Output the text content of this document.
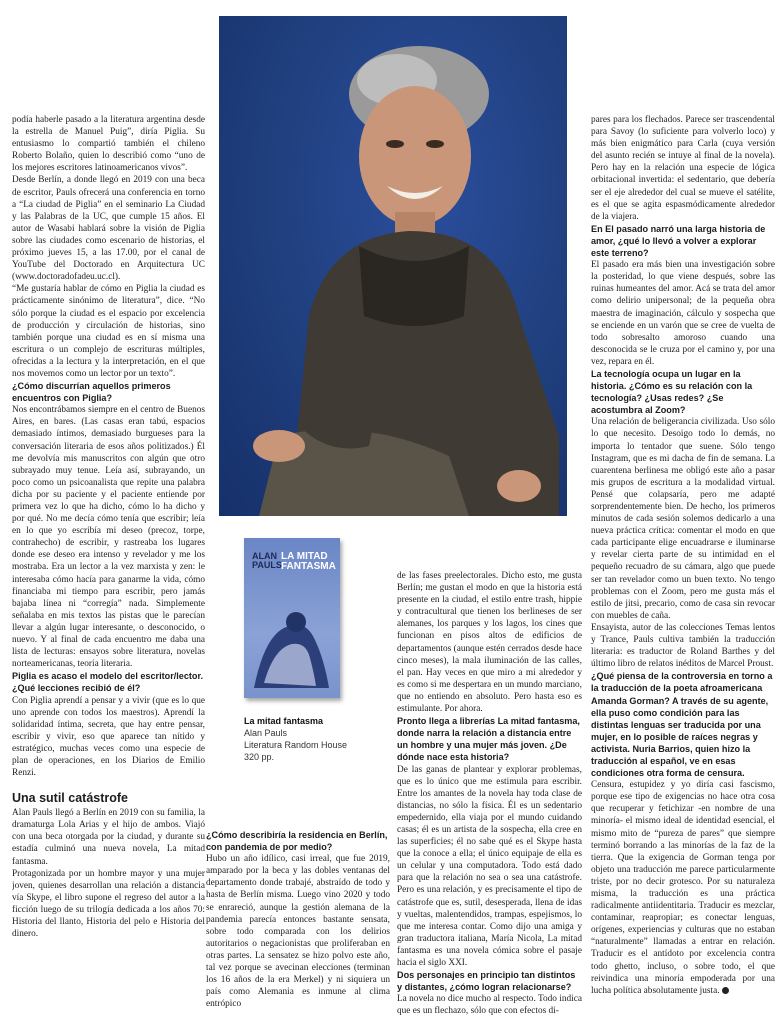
podía haberle pasado a la literatura argentina desde la estrella de Manuel Puig”, diría Piglia. Su entusiasmo lo compartió también el chileno Roberto Bolaño, quien lo describió como “uno de los mejores escritores latinoamericanos vivos”.

Desde Berlín, a donde llegó en 2019 con una beca de escritor, Pauls ofrecerá una conferencia en torno a “La ciudad de Piglia” en el seminario La Ciudad y las Palabras de la UC, que cumple 15 años. El autor de Wasabi hablará sobre la visión de Piglia sobre las ciudades como escenario de historias, el próximo jueves 15, a las 17.00, por el canal de YouTube del Doctorado en Arquitectura UC (www.doctoradofadeu.uc.cl).

“Me gustaría hablar de cómo en Piglia la ciudad es prácticamente sinónimo de literatura”, dice. “No sólo porque la ciudad es el espacio por excelencia de producción y circulación de historias, sino también porque una ciudad es en sí misma una escritura o un complejo de escrituras múltiples, ofrecidas a la lectura y la interpretación, en el que nos movemos como un lector por un texto”.

¿Cómo discurrían aquellos primeros encuentros con Piglia?

Nos encontrábamos siempre en el centro de Buenos Aires, en bares. (Las casas eran tabú, espacios demasiado íntimos, demasiado burgueses para la conversación literaria de esos años politizados.) Él me devolvía mis manuscritos con algún que otro subrayado muy tenue. Leía así, subrayando, un poco como un psicoanalista que repite una palabra dicha por su paciente y el paciente entiende por primera vez lo que ha dicho, cómo lo ha dicho y por qué. No me decía cómo tenía que escribir; leía en lo que yo escribía mi deseo (precoz, torpe, contrahecho) de escribir, y rastreaba los lugares donde ese deseo era intenso y revelador y me los mostraba. Era un lector a la vez marxista y zen: le interesaba cómo hacía para ganarme la vida, cómo financiaba mi tiempo para escribir, pero jamás bajaba línea ni “corregía” nada. Simplemente señalaba en mis textos las pistas que le parecían llevar a algún lugar interesante, o desconocido, o nuevo. Y al final de cada encuentro me daba una lista de lecturas: ensayos sobre literatura, novelas norteamericanas, teoría literaria.

Piglia es acaso el modelo del escritor/lector. ¿Qué lecciones recibió de él?

Con Piglia aprendí a pensar y a vivir (que es lo que uno aprende con todos los maestros). Aprendí la solidaridad íntima, secreta, que hay entre pensar, escribir y vivir, eso que aparece tan nítido y estratégico, muchas veces como una especie de plan de operaciones, en los Diarios de Emilio Renzi.

Una sutil catástrofe

Alan Pauls llegó a Berlín en 2019 con su familia, la dramaturga Lola Arias y el hijo de ambos. Viajó con una beca otorgada por la ciudad, y durante su estadía culminó una nueva novela, La mitad fantasma.

Protagonizada por un hombre mayor y una mujer joven, quienes desarrollan una relación a distancia vía Skype, el libro supone el regreso del autor a la ficción luego de su trilogía dedicada a los años 70: Historia del llanto, Historia del pelo e Historia del dinero.

ALAN PAULS
LA MITAD FANTASMA
La mitad fantasma
Alan Pauls
Literatura Random House
320 pp.

¿Cómo describiría la residencia en Berlín, con pandemia de por medio?

Hubo un año idílico, casi irreal, que fue 2019, amparado por la beca y las dobles ventanas del departamento donde trabajé, abstraído de todo y hasta de Berlín misma. Luego vino 2020 y todo se enrareció, aunque la gestión alemana de la pandemia parecía entonces bastante sensata, sobre todo comparada con los delirios autoritarios o negacionistas que proliferaban en otras partes. La sensatez se hizo polvo este año, tal vez porque se avecinan elecciones (terminan los 16 años de la era Merkel) y ni siquiera un país como Alemania es inmune al clima entrópico

de las fases preelectorales. Dicho esto, me gusta Berlín; me gustan el modo en que la historia está presente en la ciudad, el estilo entre trash, hippie y contracultural que tienen los berlineses de ser alemanes, los parques y los lagos, los cines que funcionan en pisos altos de edificios de departamentos (aunque estén cerrados desde hace cinco meses), la mala iluminación de las calles, el pan. Hay veces en que miro a mi alrededor y es como si me despertara en un mundo marciano, que no entiendo en absoluto. Pero hasta eso es estimulante. Por ahora.

Pronto llega a librerías La mitad fantasma, donde narra la relación a distancia entre un hombre y una mujer más joven. ¿De dónde nace esta historia?

De las ganas de plantear y explorar problemas, que es lo único que me estimula para escribir. Entre los amantes de la novela hay toda clase de distancias, no sólo la física. Él es un sedentario empedernido, ella viaja por el mundo cuidando casas; él es un artista de la sospecha, ella cree en las superficies; él no sabe qué es el Skype hasta que la conoce a ella; el único equipaje de ella es un celular y una computadora. Todo está dado para que la relación no sea o sea una catástrofe. Pero es una relación, y es precisamente el tipo de catástrofe que es, sutil, desesperada, llena de idas y vueltas, malentendidos, trampas, espejismos, lo que me interesa contar. Como dijo una amiga y gran traductora italiana, María Nicola, La mitad fantasma es una novela cómica sobre el pasaje hacia el siglo XXI.

Dos personajes en principio tan distintos y distantes, ¿cómo logran relacionarse?

La novela no dice mucho al respecto. Todo indica que es un flechazo, sólo que con efectos di-

pares para los flechados. Parece ser trascendental para Savoy (lo suficiente para volverlo loco) y más bien enigmático para Carla (cuya versión del asunto recién se intuye al final de la novela). Pero hay en la relación una especie de lógica orbitacional invertida: el sedentario, que debería ser el eje alrededor del cual se mueve el satélite, es el que se agita espasmódicamente alrededor de la viajera.

En El pasado narró una larga historia de amor, ¿qué lo llevó a volver a explorar este terreno?

El pasado era más bien una investigación sobre la posteridad, lo que viene después, sobre las ruinas humeantes del amor. Acá se trata del amor como delirio unipersonal; de la pequeña obra maestra de imaginación, cálculo y sospecha que se enciende en un varón que se cree de vuelta de todo sobresalto amoroso cuando una desconocida se le cruza por el camino y, por una vez, repara en él.

La tecnología ocupa un lugar en la historia. ¿Cómo es su relación con la tecnología? ¿Usas redes? ¿Se acostumbra al Zoom?

Una relación de beligerancia civilizada. Uso sólo lo que necesito. Desoigo todo lo demás, no importa lo tentador que suene. Sólo tengo Instagram, que es mi dacha de fin de semana. La cuarentena berlinesa me obligó este año a pasar mis grupos de escritura a la modalidad virtual. Pensé que colapsaría, pero me adapté sorprendentemente bien. De hecho, los primeros minutos de cada sesión solemos dedicarlo a una nueva práctica crítica: comentar el modo en que cada participante elige encuadrarse e iluminarse y revelar cierta parte de su intimidad en el pequeño recuadro de su cámara, algo que puede ser tan revelador como un buen texto. No tengo problemas con el Zoom, pero me gusta más el estilo de jitsi, precario, como de casa sin revocar con muebles de caña.

Ensayista, autor de las colecciones Temas lentos y Trance, Pauls cultiva también la traducción literaria: es traductor de Roland Barthes y del último libro de relatos inéditos de Marcel Proust.

¿Qué piensa de la controversia en torno a la traducción de la poeta afroamericana Amanda Gorman? A través de su agente, ella puso como condición para las distintas lenguas ser traducida por una mujer, en lo posible de raíces negras y activista. Nuria Barrios, quien hizo la traducción al español, ve en esas condiciones otra forma de censura.

Censura, estupidez y yo diría casi fascismo, porque ese tipo de exigencias no hace otra cosa que recuperar y fetichizar -en nombre de una minoría- el mismo ideal de identidad esencial, el mismo mito de “pureza de pares” que siempre terminó borrando a las minorías de la faz de la tierra. Que la exigencia de Gorman tenga por objeto una traducción me parece particularmente triste, por no decir grotesco. Por su naturaleza misma, la traducción es una práctica radicalmente antiidentitaria. Traducir es mezclar, contaminar, reapropiar; es conectar lenguas, orígenes, experiencias y culturas que no estaban “naturalmente” llamadas a entrar en relación. Traducir es el antídoto por excelencia contra todo ghetto, incluso, o sobre todo, el que reivindica una minoría empoderada por una lucha política absolutamente justa.
